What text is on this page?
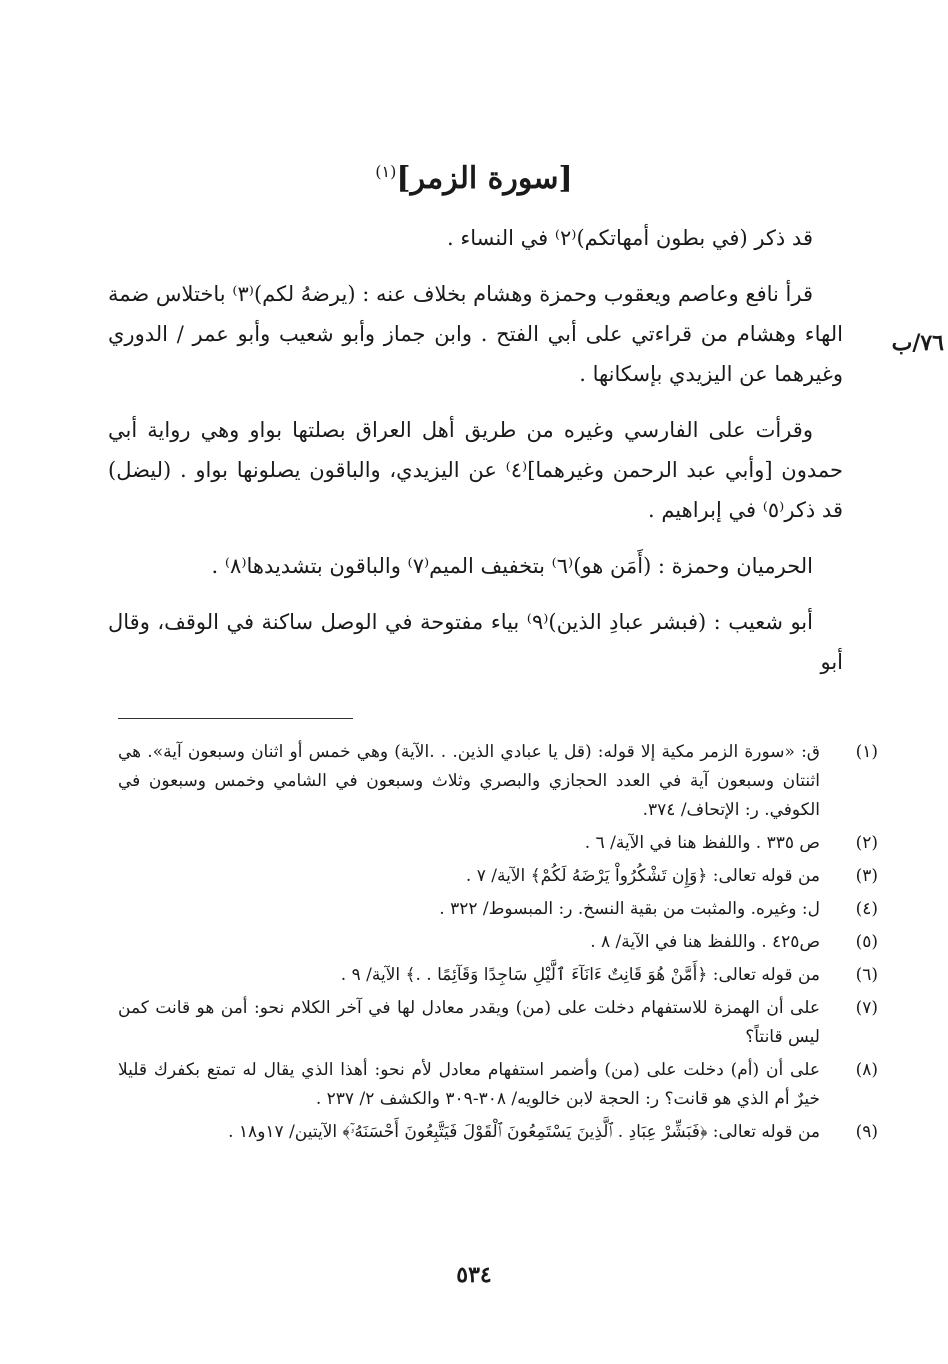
[سورة الزمر]$^{(١)}$
٧٦/ب

قد ذكر (في بطون أمهاتكم)⁽٢⁾ في النساء .

قرأ نافع وعاصم ويعقوب وحمزة وهشام بخلاف عنه : (يرضهُ لكم)⁽٣⁾ باختلاس ضمة الهاء وهشام من قراءتي على أبي الفتح . وابن جماز وأبو شعيب وأبو عمر / الدوري وغيرهما عن اليزيدي بإسكانها .

وقرأت على الفارسي وغيره من طريق أهل العراق بصلتها بواو وهي رواية أبي حمدون [وأبي عبد الرحمن وغيرهما]⁽٤⁾ عن اليزيدي، والباقون يصلونها بواو . (ليضل) قد ذكر⁽٥⁾ في إبراهيم .

الحرميان وحمزة : (أَمَن هو)⁽٦⁾ بتخفيف الميم⁽٧⁾ والباقون بتشديدها⁽٨⁾ .

أبو شعيب : (فبشر عبادِ الذين)⁽٩⁾ بياء مفتوحة في الوصل ساكنة في الوقف، وقال أبو

(١)
ق: «سورة الزمر مكية إلا قوله: (قل يا عبادي الذين. . .الآية) وهي خمس أو اثنان وسبعون آية». هي اثنتان وسبعون آية في العدد الحجازي والبصري وثلاث وسبعون في الشامي وخمس وسبعون في الكوفي. ر: الإتحاف/ ٣٧٤.
(٢)
ص ٣٣٥ . واللفظ هنا في الآية/ ٦ .
(٣)
من قوله تعالى: ﴿وَإِن تَشْكُرُواْ يَرْضَهُ لَكُمْ﴾ الآية/ ٧ .
(٤)
ل: وغيره. والمثبت من بقية النسخ. ر: المبسوط/ ٣٢٢ .
(٥)
ص٤٢٥ . واللفظ هنا في الآية/ ٨ .
(٦)
من قوله تعالى: ﴿أَمَّنْ هُوَ قَانِتٌ ءَانَآءَ ٱلَّيْلِ سَاجِدًا وَقَآئِمًا . .﴾ الآية/ ٩ .
(٧)
على أن الهمزة للاستفهام دخلت على (من) ويقدر معادل لها في آخر الكلام نحو: أمن هو قانت كمن ليس قانتاً؟
(٨)
على أن (أم) دخلت على (من) وأضمر استفهام معادل لأم نحو: أهذا الذي يقال له تمتع بكفرك قليلا خيرٌ أم الذي هو قانت؟ ر: الحجة لابن خالويه/ ٣٠٨-٣٠٩ والكشف ٢/ ٢٣٧ .
(٩)
من قوله تعالى: ﴿فَبَشِّرْ عِبَادِ . ٱلَّذِينَ يَسْتَمِعُونَ ٱلْقَوْلَ فَيَتَّبِعُونَ أَحْسَنَهُۥٓ﴾ الآيتين/ ١٧و١٨ .
٥٣٤
